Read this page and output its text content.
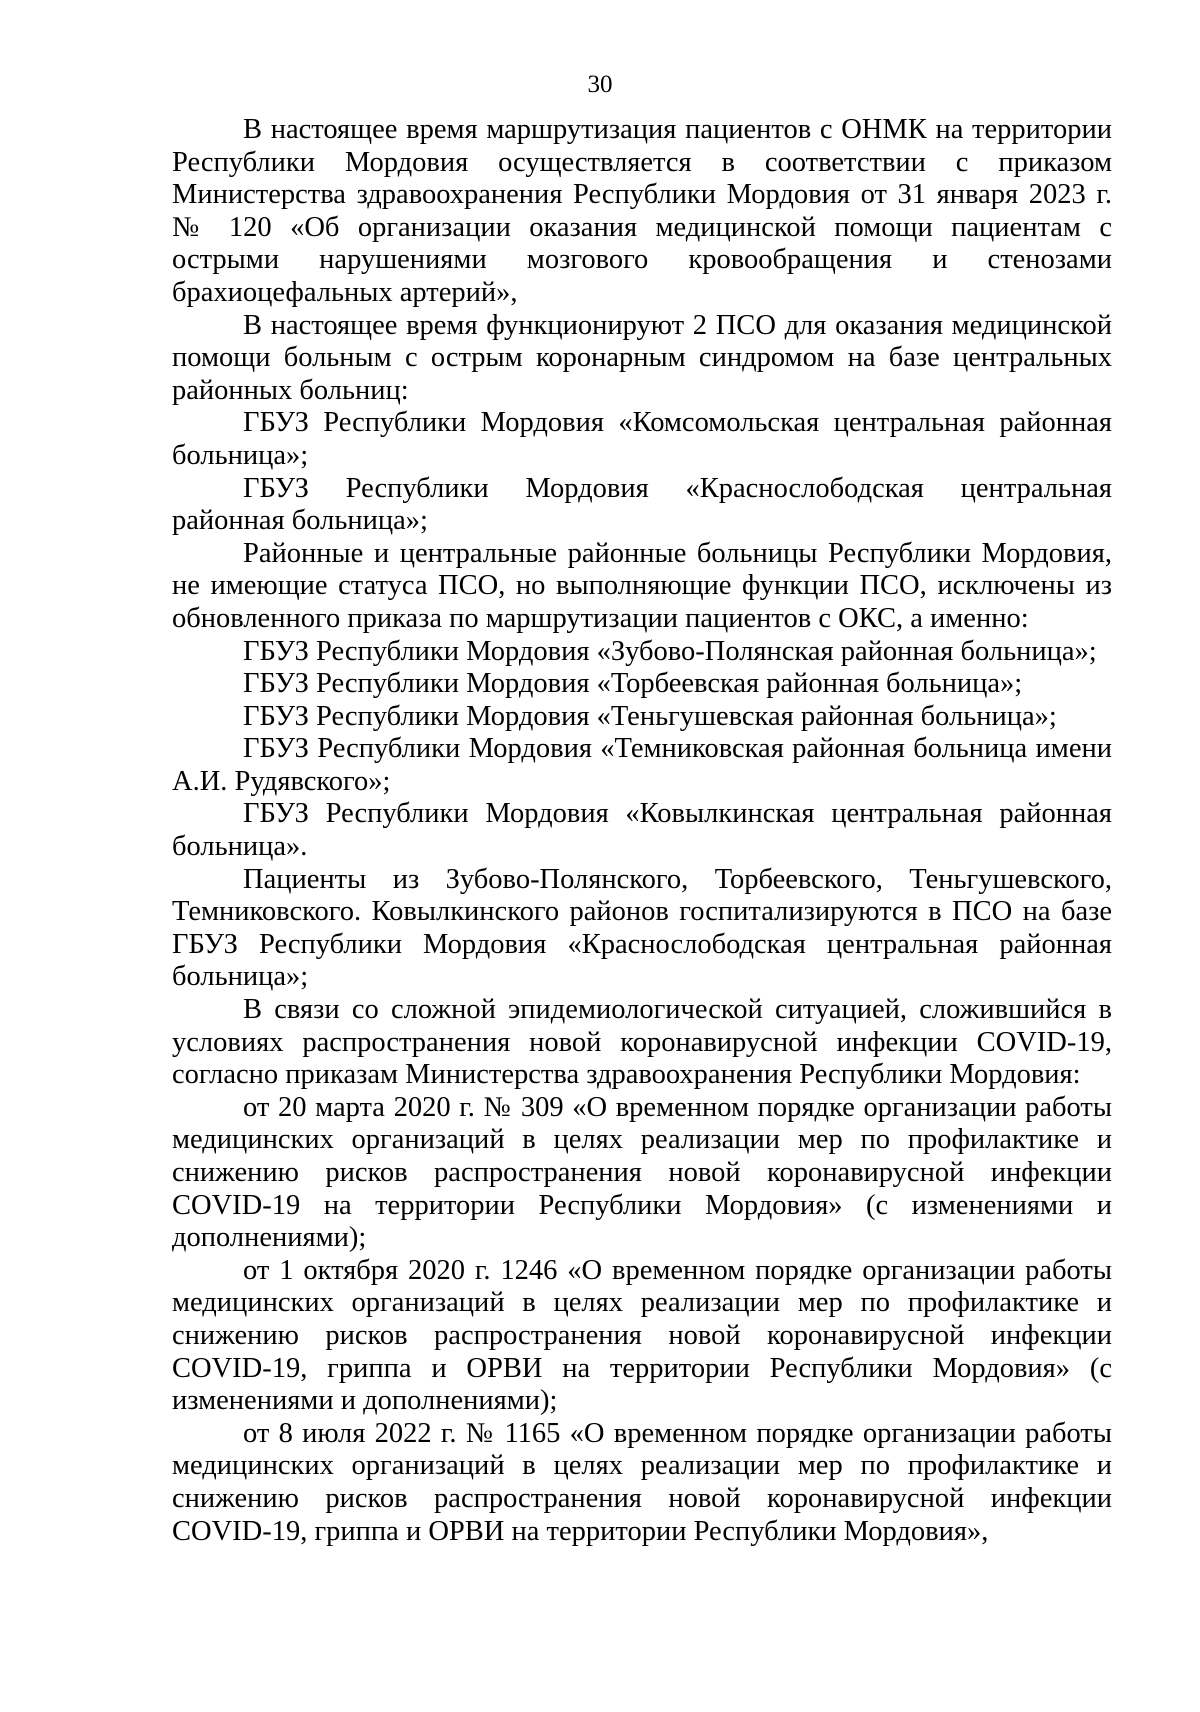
30

В настоящее время маршрутизация пациентов с ОНМК на территории Республики Мордовия осуществляется в соответствии с приказом Министерства здравоохранения Республики Мордовия от 31 января 2023 г. № 120 «Об организации оказания медицинской помощи пациентам с острыми нарушениями мозгового кровообращения и стенозами брахиоцефальных артерий»,

В настоящее время функционируют 2 ПСО для оказания медицинской помощи больным с острым коронарным синдромом на базе центральных районных больниц:

ГБУЗ Республики Мордовия «Комсомольская центральная районная больница»;

ГБУЗ Республики Мордовия «Краснослободская центральная районная больница»;

Районные и центральные районные больницы Республики Мордовия, не имеющие статуса ПСО, но выполняющие функции ПСО, исключены из обновленного приказа по маршрутизации пациентов с ОКС, а именно:

ГБУЗ Республики Мордовия «Зубово-Полянская районная больница»;

ГБУЗ Республики Мордовия «Торбеевская районная больница»;

ГБУЗ Республики Мордовия «Теньгушевская районная больница»;

ГБУЗ Республики Мордовия «Темниковская районная больница имени А.И. Рудявского»;

ГБУЗ Республики Мордовия «Ковылкинская центральная районная больница».

Пациенты из Зубово-Полянского, Торбеевского, Теньгушевского, Темниковского. Ковылкинского районов госпитализируются в ПСО на базе ГБУЗ Республики Мордовия «Краснослободская центральная районная больница»;

В связи со сложной эпидемиологической ситуацией, сложившийся в условиях распространения новой коронавирусной инфекции COVID-19, согласно приказам Министерства здравоохранения Республики Мордовия:

от 20 марта 2020 г. № 309 «О временном порядке организации работы медицинских организаций в целях реализации мер по профилактике и снижению рисков распространения новой коронавирусной инфекции COVID-19 на территории Республики Мордовия» (с изменениями и дополнениями);

от 1 октября 2020 г. 1246 «О временном порядке организации работы медицинских организаций в целях реализации мер по профилактике и снижению рисков распространения новой коронавирусной инфекции COVID-19, гриппа и ОРВИ на территории Республики Мордовия» (с изменениями и дополнениями);

от 8 июля 2022 г. № 1165 «О временном порядке организации работы медицинских организаций в целях реализации мер по профилактике и снижению рисков распространения новой коронавирусной инфекции COVID-19, гриппа и ОРВИ на территории Республики Мордовия»,
